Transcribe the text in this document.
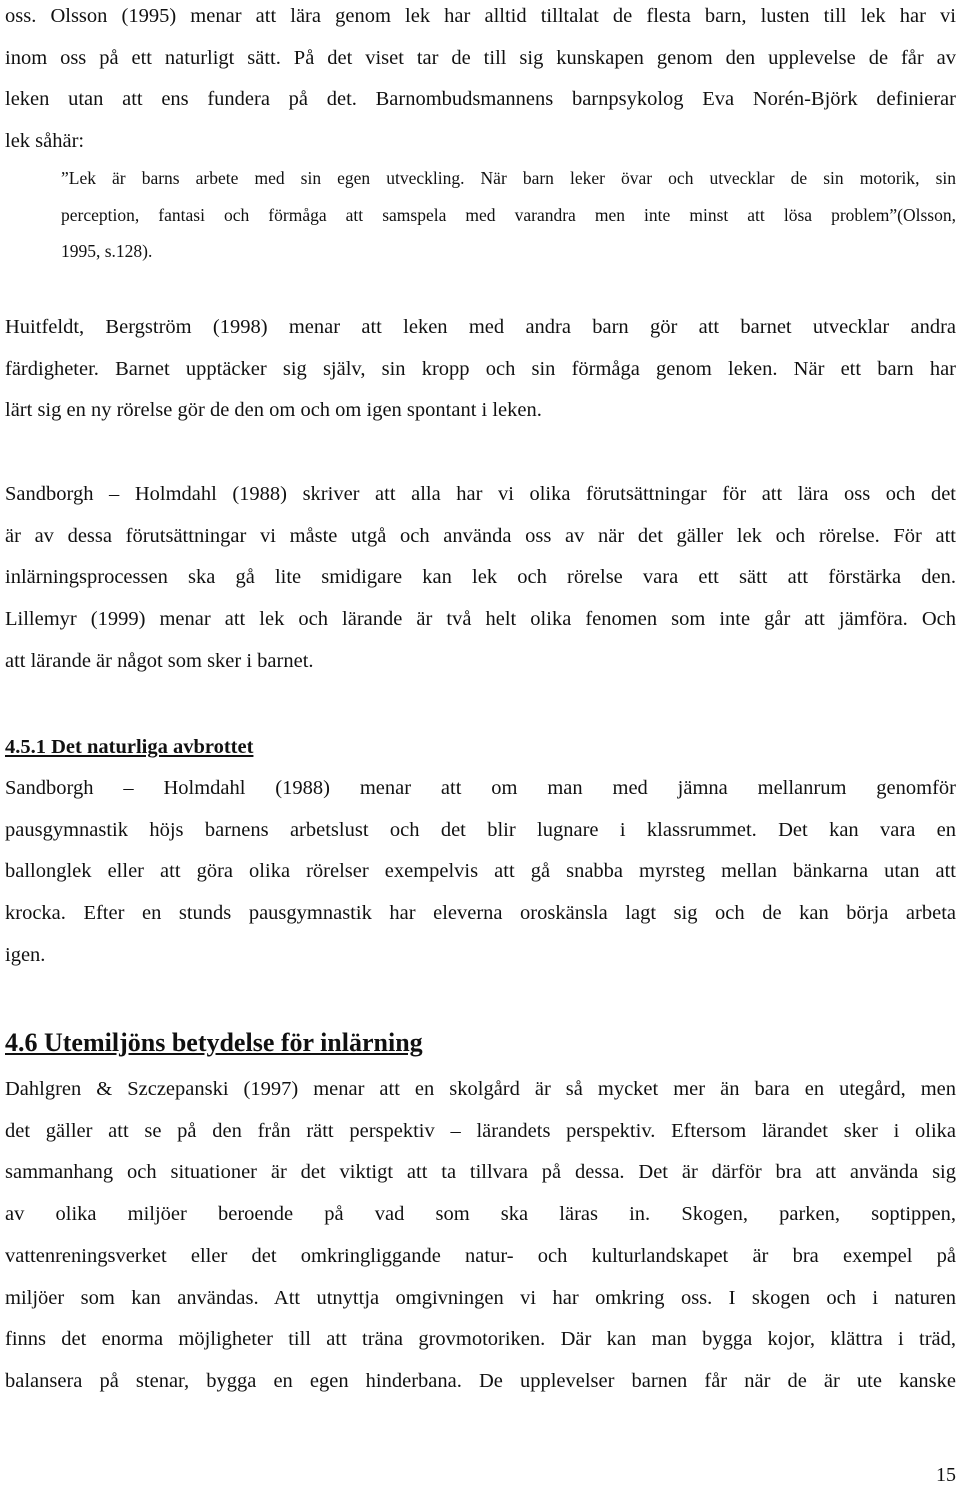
oss. Olsson (1995) menar att lära genom lek har alltid tilltalat de flesta barn, lusten till lek har vi
inom oss på ett naturligt sätt. På det viset tar de till sig kunskapen genom den upplevelse de får av
leken utan att ens fundera på det. Barnombudsmannens barnpsykolog Eva Norén-Björk definierar
lek såhär:
”Lek är barns arbete med sin egen utveckling. När barn leker övar och utvecklar de sin motorik, sin
perception, fantasi och förmåga att samspela med varandra men inte minst att lösa problem”(Olsson,
1995, s.128).
Huitfeldt, Bergström (1998) menar att leken med andra barn gör att barnet utvecklar andra
färdigheter. Barnet upptäcker sig själv, sin kropp och sin förmåga genom leken. När ett barn har
lärt sig en ny rörelse gör de den om och om igen spontant i leken.
Sandborgh – Holmdahl (1988) skriver att alla har vi olika förutsättningar för att lära oss och det
är av dessa förutsättningar vi måste utgå och använda oss av när det gäller lek och rörelse. För att
inlärningsprocessen ska gå lite smidigare kan lek och rörelse vara ett sätt att förstärka den.
Lillemyr (1999) menar att lek och lärande är två helt olika fenomen som inte går att jämföra. Och
att lärande är något som sker i barnet.
4.5.1 Det naturliga avbrottet
Sandborgh – Holmdahl (1988) menar att om man med jämna mellanrum genomför
pausgymnastik höjs barnens arbetslust och det blir lugnare i klassrummet. Det kan vara en
ballonglek eller att göra olika rörelser exempelvis att gå snabba myrsteg mellan bänkarna utan att
krocka. Efter en stunds pausgymnastik har eleverna oroskänsla lagt sig och de kan börja arbeta
igen.
4.6 Utemiljöns betydelse för inlärning
Dahlgren & Szczepanski (1997) menar att en skolgård är så mycket mer än bara en utegård, men
det gäller att se på den från rätt perspektiv – lärandets perspektiv. Eftersom lärandet sker i olika
sammanhang och situationer är det viktigt att ta tillvara på dessa. Det är därför bra att använda sig
av olika miljöer beroende på vad som ska läras in. Skogen, parken, soptippen,
vattenreningsverket eller det omkringliggande natur- och kulturlandskapet är bra exempel på
miljöer som kan användas. Att utnyttja omgivningen vi har omkring oss. I skogen och i naturen
finns det enorma möjligheter till att träna grovmotoriken. Där kan man bygga kojor, klättra i träd,
balansera på stenar, bygga en egen hinderbana. De upplevelser barnen får när de är ute kanske
15
